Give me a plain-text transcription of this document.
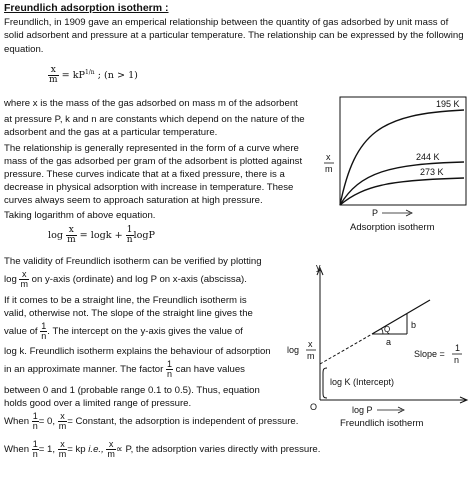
Freundlich adsorption isotherm :
Freundlich, in 1909 gave an emperical relationship between the quantity of gas adsorbed by unit mass of
solid adsorbent and pressure at a particular temperature. The relationship can be expressed by the following
equation.
$\frac{x}{m} = kP^{1/n}$ ; (n > 1)
where x is the mass of the gas adsorbed on mass m of the adsorbent
at pressure P, k and n are constants which depend on the nature of the
adsorbent and the gas at a particular temperature.
The relationship is generally represented in the form of a curve where
mass of the gas adsorbed per gram of the adsorbent is plotted against
pressure. These curves indicate that at a fixed pressure, there is a
decrease in physical adsorption with increase in temperature. These
curves always seem to approach saturation at high pressure.
Taking logarithm of above equation.
$\log \frac{x}{m} = \log k + \frac{1}{n}$ logP
The validity of Freundlich isotherm can be verified by plotting
$\log \frac{x}{m}$ on y-axis (ordinate) and log P on x-axis (abscissa).
If it comes to be a straight line, the Freundlich isotherm is
valid, otherwise not. The slope of the straight line gives the
value of $\frac{1}{n}$ . The intercept on the y-axis gives the value of
log k. Freundlich isotherm explains the behaviour of adsorption
in an approximate manner. The factor $\frac{1}{n}$ can have values
between 0 and 1 (probable range 0.1 to 0.5). Thus, equation
holds good over a limited range of pressure.
When $\frac{1}{n} = 0$, $\frac{x}{m}$ = Constant, the adsorption is independent of pressure.
When $\frac{1}{n} = 1$, $\frac{x}{m}$ = kp i.e., $\frac{x}{m} \propto P$, the adsorption varies directly with pressure.
195 K
244 K
273 K
x
m
P
Adsorption isotherm
y
O
Q
a
b
log K (Intercept)
Slope =
1
n
log
x
m
log P
Freundlich isotherm
